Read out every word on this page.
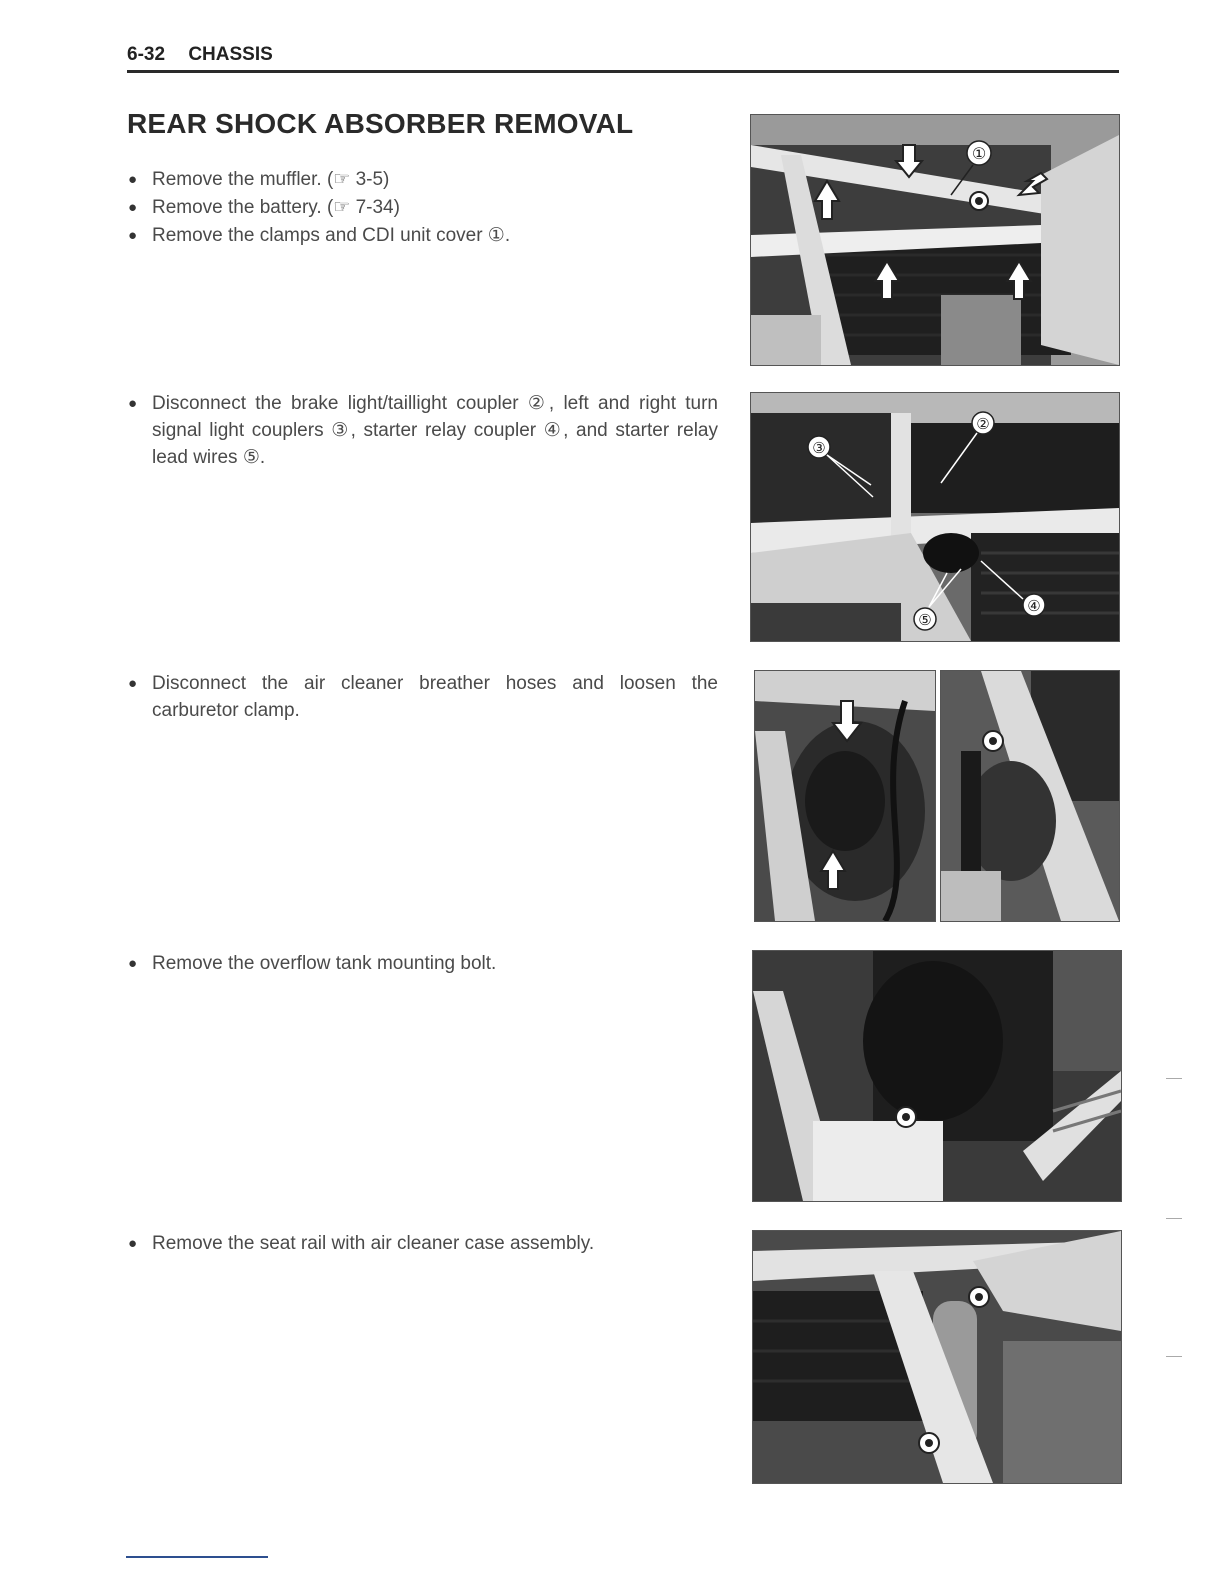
6-32 CHASSIS
REAR SHOCK ABSORBER REMOVAL
● Remove the muffler. (☞ 3-5)
● Remove the battery. (☞ 7-34)
● Remove the clamps and CDI unit cover ①.
● Disconnect the brake light/taillight coupler ②, left and right turn signal light couplers ③, starter relay coupler ④, and starter relay lead wires ⑤.
● Disconnect the air cleaner breather hoses and loosen the carburetor clamp.
● Remove the overflow tank mounting bolt.
● Remove the seat rail with air cleaner case assembly.
①
②
③
④
⑤
